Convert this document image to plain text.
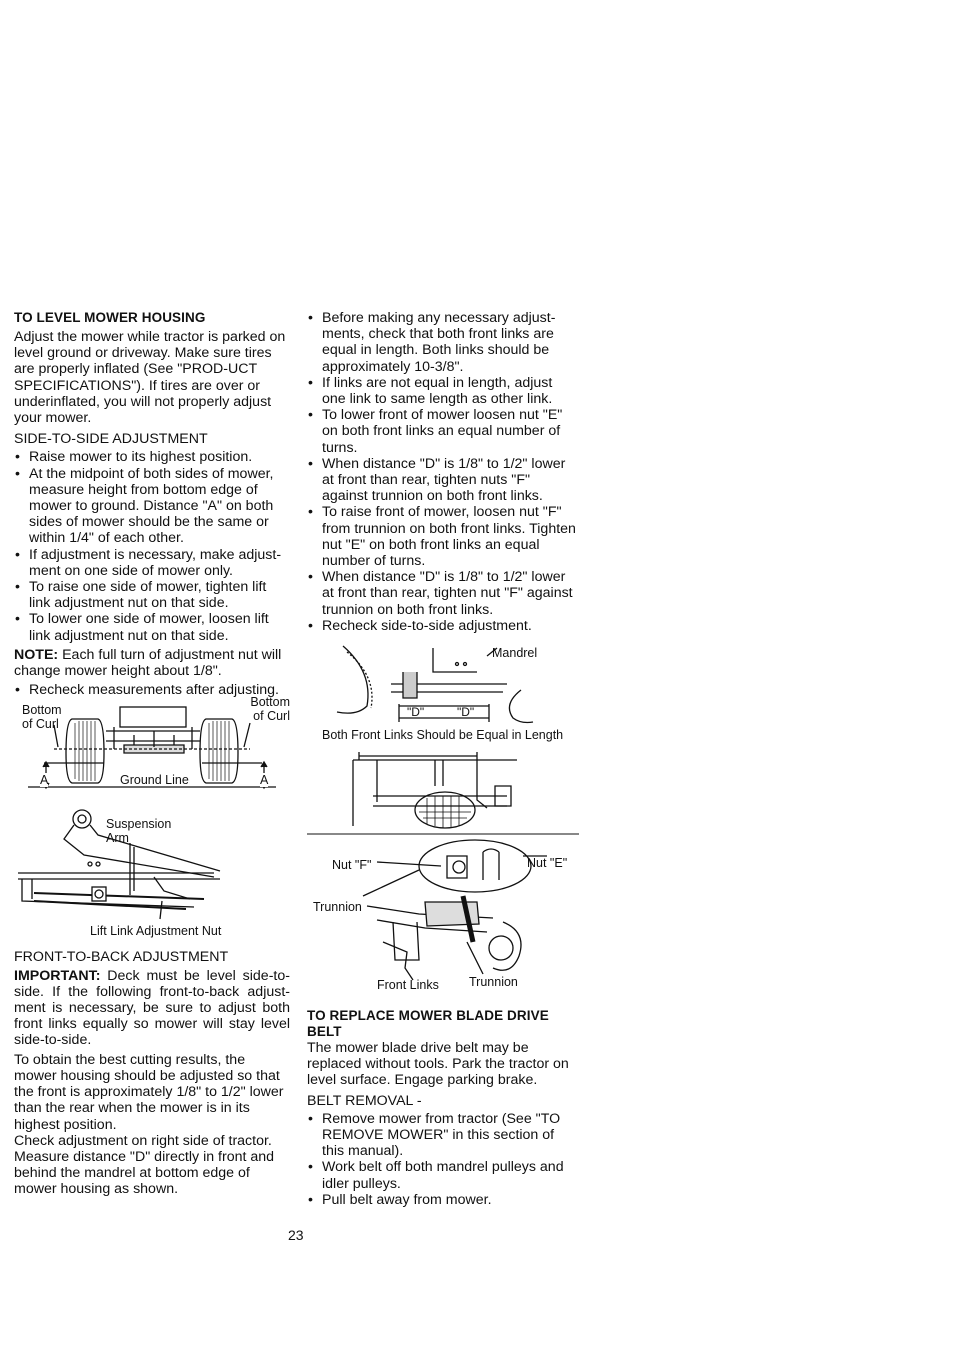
TO LEVEL MOWER HOUSING

Adjust the mower while tractor is parked on level ground or driveway. Make sure tires are properly inflated (See "PROD-UCT SPECIFICATIONS"). If tires are over or underinflated, you will not properly adjust your mower.

SIDE-TO-SIDE ADJUSTMENT

• Raise mower to its highest position.
• At the midpoint of both sides of mower, measure height from bottom edge of mower to ground. Distance "A" on both sides of mower should be the same or within 1/4" of each other.
• If adjustment is necessary, make adjust-ment on one side of mower only.
• To raise one side of mower, tighten lift link adjustment nut on that side.
• To lower one side of mower, loosen lift link adjustment nut on that side.

NOTE: Each full turn of adjustment nut will change mower height about 1/8".

• Recheck measurements after adjusting.
Bottom of Curl
Bottom of Curl
Ground Line
A	A
Suspension Arm
Lift Link Adjustment Nut

FRONT-TO-BACK ADJUSTMENT

IMPORTANT: Deck must be level side-to-side. If the following front-to-back adjust-ment is necessary, be sure to adjust both front links equally so mower will stay level side-to-side.

To obtain the best cutting results, the mower housing should be adjusted so that the front is approximately 1/8" to 1/2" lower than the rear when the mower is in its highest position.

Check adjustment on right side of tractor. Measure distance "D" directly in front and behind the mandrel at bottom edge of mower housing as shown.

• Before making any necessary adjust-ments, check that both front links are equal in length. Both links should be approximately 10-3/8".
• If links are not equal in length, adjust one link to same length as other link.
• To lower front of mower loosen nut "E" on both front links an equal number of turns.
• When distance "D" is 1/8" to 1/2" lower at front than rear, tighten nuts "F" against trunnion on both front links.
• To raise front of mower, loosen nut "F" from trunnion on both front links. Tighten nut "E" on both front links an equal number of turns.
• When distance "D" is 1/8" to 1/2" lower at front than rear, tighten nut "F" against trunnion on both front links.
• Recheck side-to-side adjustment.
Mandrel
"D"	"D"
Both Front Links Should be Equal in Length
Nut "F"	Nut "E"
Trunnion
Front Links Trunnion

TO REPLACE MOWER BLADE DRIVE BELT

The mower blade drive belt may be replaced without tools. Park the tractor on level surface. Engage parking brake.

BELT REMOVAL -

• Remove mower from tractor (See "TO REMOVE MOWER" in this section of this manual).
• Work belt off both mandrel pulleys and idler pulleys.
• Pull belt away from mower.
23
